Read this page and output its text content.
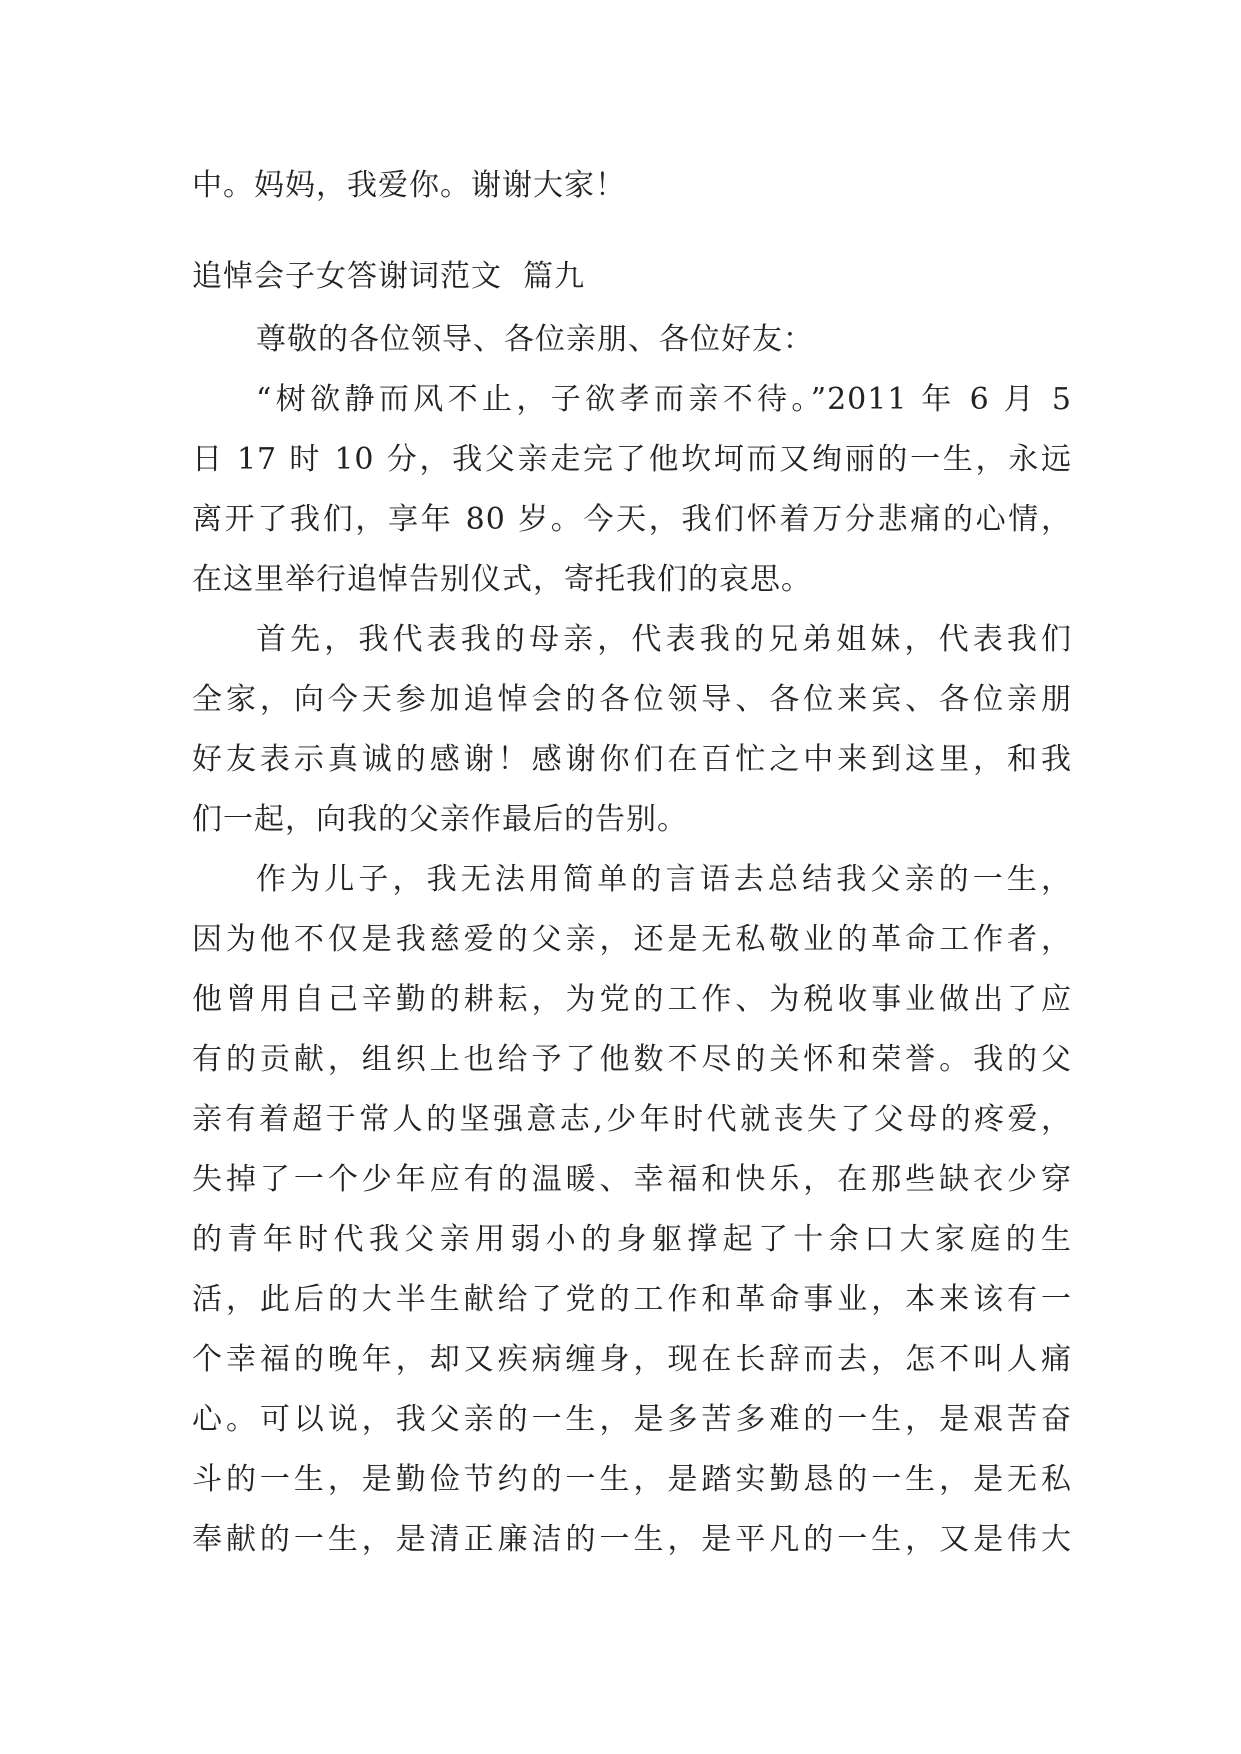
中。妈妈，我爱你。谢谢大家！
追悼会子女答谢词范文  篇九
尊敬的各位领导、各位亲朋、各位好友：
“树欲静而风不止，子欲孝而亲不待。”2011 年 6 月 5
日 17 时 10 分，我父亲走完了他坎坷而又绚丽的一生，永远
离开了我们，享年 80 岁。今天，我们怀着万分悲痛的心情，
在这里举行追悼告别仪式，寄托我们的哀思。
首先，我代表我的母亲，代表我的兄弟姐妹，代表我们
全家，向今天参加追悼会的各位领导、各位来宾、各位亲朋
好友表示真诚的感谢！感谢你们在百忙之中来到这里，和我
们一起，向我的父亲作最后的告别。
作为儿子，我无法用简单的言语去总结我父亲的一生，
因为他不仅是我慈爱的父亲，还是无私敬业的革命工作者，
他曾用自己辛勤的耕耘，为党的工作、为税收事业做出了应
有的贡献，组织上也给予了他数不尽的关怀和荣誉。我的父
亲有着超于常人的坚强意志,少年时代就丧失了父母的疼爱，
失掉了一个少年应有的温暖、幸福和快乐，在那些缺衣少穿
的青年时代我父亲用弱小的身躯撑起了十余口大家庭的生
活，此后的大半生献给了党的工作和革命事业，本来该有一
个幸福的晚年，却又疾病缠身，现在长辞而去，怎不叫人痛
心。可以说，我父亲的一生，是多苦多难的一生，是艰苦奋
斗的一生，是勤俭节约的一生，是踏实勤恳的一生，是无私
奉献的一生，是清正廉洁的一生，是平凡的一生，又是伟大
